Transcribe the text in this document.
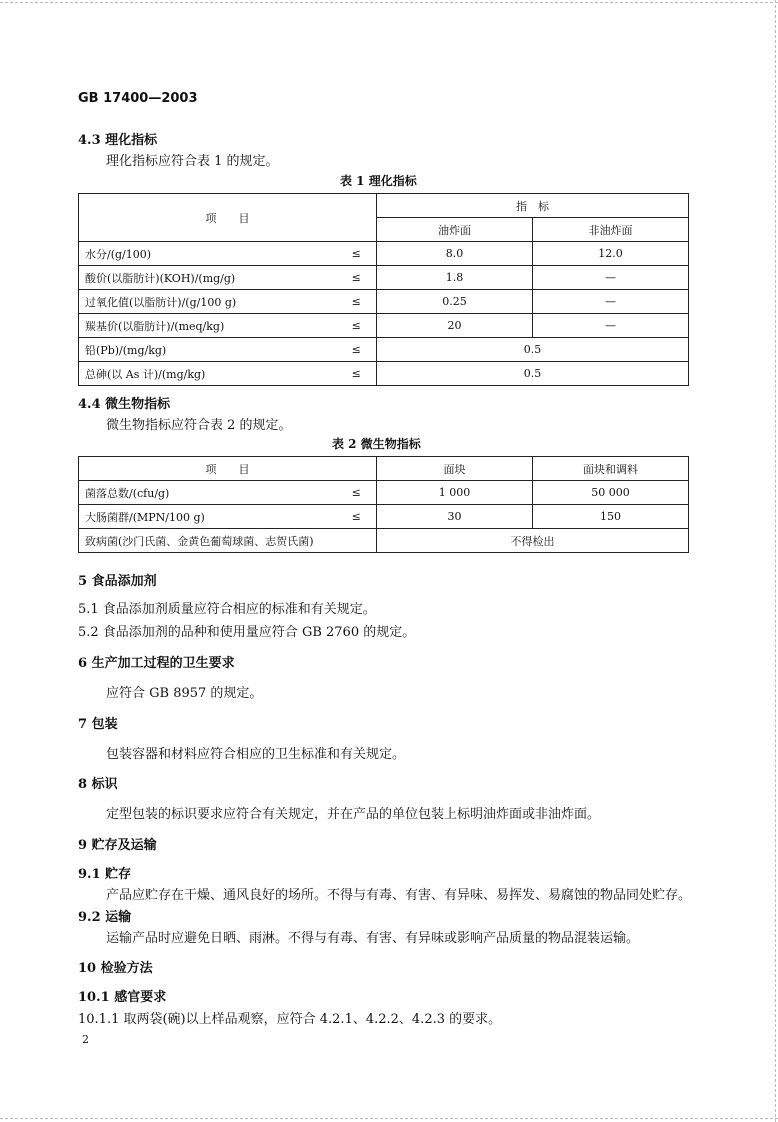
GB 17400—2003
4.3 理化指标
理化指标应符合表 1 的规定。
表 1 理化指标
项　　目		指　标	
		油炸面	非油炸面
水分/(g/100)	≤	8.0	12.0
酸价(以脂肪计)(KOH)/(mg/g)	≤	1.8	—
过氧化值(以脂肪计)/(g/100 g)	≤	0.25	—
羰基价(以脂肪计)/(meq/kg)	≤	20	—
铅(Pb)/(mg/kg)	≤	0.5	
总砷(以 As 计)/(mg/kg)	≤	0.5	
4.4 微生物指标
微生物指标应符合表 2 的规定。
表 2 微生物指标
项　　目		面块	面块和调料
菌落总数/(cfu/g)	≤	1 000	50 000
大肠菌群/(MPN/100 g)	≤	30	150
致病菌(沙门氏菌、金黄色葡萄球菌、志贺氏菌)		不得检出	
5 食品添加剂
5.1 食品添加剂质量应符合相应的标准和有关规定。
5.2 食品添加剂的品种和使用量应符合 GB 2760 的规定。
6 生产加工过程的卫生要求
应符合 GB 8957 的规定。
7 包装
包装容器和材料应符合相应的卫生标准和有关规定。
8 标识
定型包装的标识要求应符合有关规定，并在产品的单位包装上标明油炸面或非油炸面。
9 贮存及运输
9.1 贮存
产品应贮存在干燥、通风良好的场所。不得与有毒、有害、有异味、易挥发、易腐蚀的物品同处贮存。
9.2 运输
运输产品时应避免日晒、雨淋。不得与有毒、有害、有异味或影响产品质量的物品混装运输。
10 检验方法
10.1 感官要求
10.1.1 取两袋(碗)以上样品观察，应符合 4.2.1、4.2.2、4.2.3 的要求。
2
